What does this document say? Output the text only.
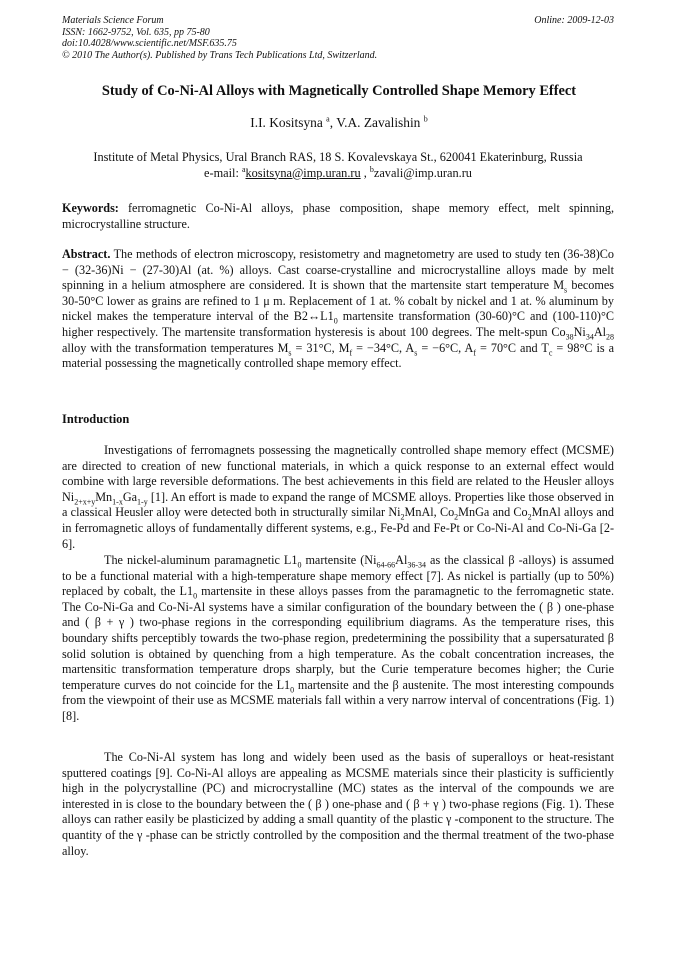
Materials Science Forum	Online: 2009-12-03
ISSN: 1662-9752, Vol. 635, pp 75-80
doi:10.4028/www.scientific.net/MSF.635.75
© 2010 The Author(s). Published by Trans Tech Publications Ltd, Switzerland.
Study of Co-Ni-Al Alloys with Magnetically Controlled Shape Memory Effect
I.I. Kositsyna $^a$, V.A. Zavalishin $^b$
Institute of Metal Physics, Ural Branch RAS, 18 S. Kovalevskaya St., 620041 Ekaterinburg, Russia
e-mail: $^a$kositsyna@imp.uran.ru , $^b$zavali@imp.uran.ru
Keywords: ferromagnetic Co-Ni-Al alloys, phase composition, shape memory effect, melt spinning, microcrystalline structure.
Abstract. The methods of electron microscopy, resistometry and magnetometry are used to study ten (36-38)Co − (32-36)Ni − (27-30)Al (at. %) alloys. Cast coarse-crystalline and microcrystalline alloys made by melt spinning in a helium atmosphere are considered. It is shown that the martensite start temperature $M_s$ becomes 30-50°C lower as grains are refined to 1 μ m. Replacement of 1 at. % cobalt by nickel and 1 at. % aluminum by nickel makes the temperature interval of the $B2\leftrightarrow L1_0$ martensite transformation (30-60)°C and (100-110)°C higher respectively. The martensite transformation hysteresis is about 100 degrees. The melt-spun $Co_{38}Ni_{34}Al_{28}$ alloy with the transformation temperatures $M_s = 31^\circ C$, $M_f = -34^\circ C$, $A_s = -6^\circ C$, $A_f = 70^\circ C$ and $T_c = 98^\circ C$ is a material possessing the magnetically controlled shape memory effect.
Introduction

Investigations of ferromagnets possessing the magnetically controlled shape memory effect (MCSME) are directed to creation of new functional materials, in which a quick response to an external effect would combine with large reversible deformations. The best achievements in this field are related to the Heusler alloys $Ni_{2+x+y}Mn_{1-x}Ga_{1-y}$ [1]. An effort is made to expand the range of MCSME alloys. Properties like those observed in a classical Heusler alloy were detected both in structurally similar $Ni_2MnAl$, $Co_2MnGa$ and $Co_2MnAl$ alloys and in ferromagnetic alloys of fundamentally different systems, e.g., Fe-Pd and Fe-Pt or Co-Ni-Al and Co-Ni-Ga [2-6].

The nickel-aluminum paramagnetic $L1_0$ martensite ($Ni_{64-66}Al_{36-34}$ as the classical β -alloys) is assumed to be a functional material with a high-temperature shape memory effect [7]. As nickel is partially (up to 50%) replaced by cobalt, the $L1_0$ martensite in these alloys passes from the paramagnetic to the ferromagnetic state. The Co-Ni-Ga and Co-Ni-Al systems have a similar configuration of the boundary between the ( β ) one-phase and ( β + γ ) two-phase regions in the corresponding equilibrium diagrams. As the temperature rises, this boundary shifts perceptibly towards the two-phase region, predetermining the possibility that a supersaturated β solid solution is obtained by quenching from a high temperature. As the cobalt concentration increases, the martensitic transformation temperature drops sharply, but the Curie temperature becomes higher; the Curie temperature curves do not coincide for the $L1_0$ martensite and the β austenite. The most interesting compounds from the viewpoint of their use as MCSME materials fall within a very narrow interval of concentrations (Fig. 1) [8].

The Co-Ni-Al system has long and widely been used as the basis of superalloys or heat-resistant sputtered coatings [9]. Co-Ni-Al alloys are appealing as MCSME materials since their plasticity is sufficiently high in the polycrystalline (PC) and microcrystalline (MC) states as the interval of the compounds we are interested in is close to the boundary between the ( β ) one-phase and ( β + γ ) two-phase regions (Fig. 1). These alloys can rather easily be plasticized by adding a small quantity of the plastic γ -component to the structure. The quantity of the γ -phase can be strictly controlled by the composition and the thermal treatment of the two-phase alloy.
